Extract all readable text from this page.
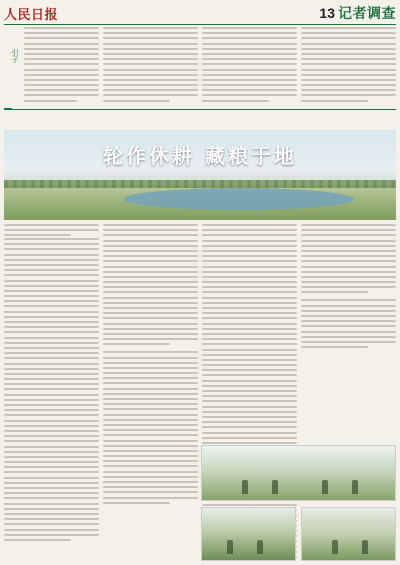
人民日报	13 记者调查
引子
轮作休耕 藏粮于地
